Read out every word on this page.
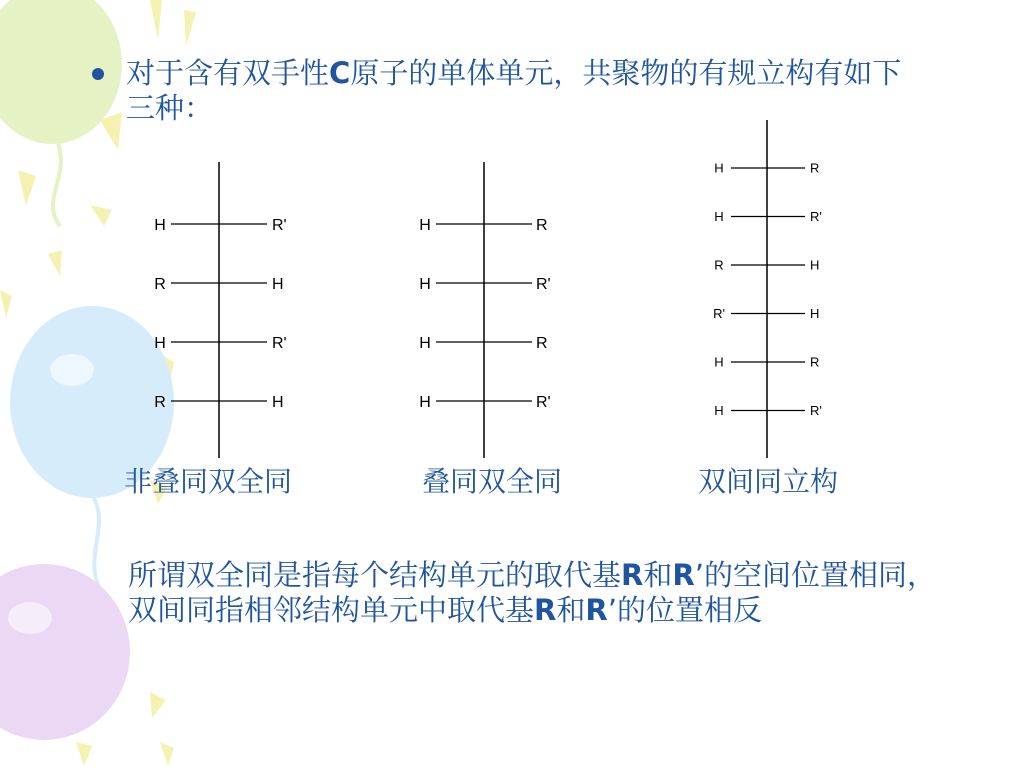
对于含有双手性C原子的单体单元，共聚物的有规立构有如下三种：
H	R'
R	H
H	R'
R	H
H	R
H	R'
H	R
H	R'
H	R
H	R'
R	H
R'	H
H	R
H	R'
非叠同双全同	叠同双全同	双间同立构
所谓双全同是指每个结构单元的取代基R和R’的空间位置相同，双间同指相邻结构单元中取代基R和R’的位置相反
